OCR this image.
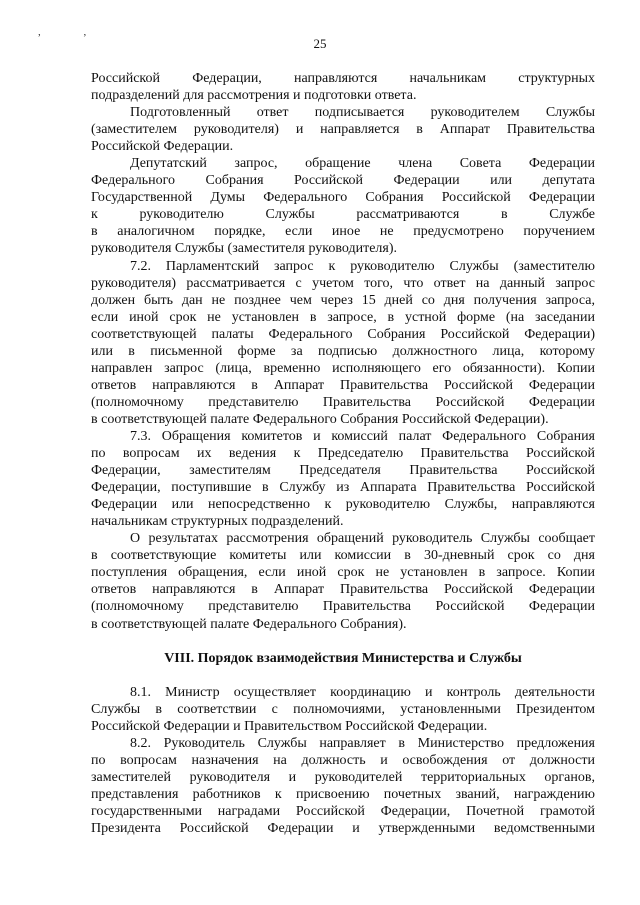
, ,
25
Российской Федерации, направляются начальникам структурных
подразделений для рассмотрения и подготовки ответа.
Подготовленный ответ подписывается руководителем Службы
(заместителем руководителя) и направляется в Аппарат Правительства
Российской Федерации.
Депутатский запрос, обращение члена Совета Федерации
Федерального Собрания Российской Федерации или депутата
Государственной Думы Федерального Собрания Российской Федерации
к руководителю Службы рассматриваются в Службе
в аналогичном порядке, если иное не предусмотрено поручением
руководителя Службы (заместителя руководителя).
7.2. Парламентский запрос к руководителю Службы (заместителю
руководителя) рассматривается с учетом того, что ответ на данный запрос
должен быть дан не позднее чем через 15 дней со дня получения запроса,
если иной срок не установлен в запросе, в устной форме (на заседании
соответствующей палаты Федерального Собрания Российской Федерации)
или в письменной форме за подписью должностного лица, которому
направлен запрос (лица, временно исполняющего его обязанности). Копии
ответов направляются в Аппарат Правительства Российской Федерации
(полномочному представителю Правительства Российской Федерации
в соответствующей палате Федерального Собрания Российской Федерации).
7.3. Обращения комитетов и комиссий палат Федерального Собрания
по вопросам их ведения к Председателю Правительства Российской
Федерации, заместителям Председателя Правительства Российской
Федерации, поступившие в Службу из Аппарата Правительства Российской
Федерации или непосредственно к руководителю Службы, направляются
начальникам структурных подразделений.
О результатах рассмотрения обращений руководитель Службы сообщает
в соответствующие комитеты или комиссии в 30-дневный срок со дня
поступления обращения, если иной срок не установлен в запросе. Копии
ответов направляются в Аппарат Правительства Российской Федерации
(полномочному представителю Правительства Российской Федерации
в соответствующей палате Федерального Собрания).
VIII. Порядок взаимодействия Министерства и Службы
8.1. Министр осуществляет координацию и контроль деятельности
Службы в соответствии с полномочиями, установленными Президентом
Российской Федерации и Правительством Российской Федерации.
8.2. Руководитель Службы направляет в Министерство предложения
по вопросам назначения на должность и освобождения от должности
заместителей руководителя и руководителей территориальных органов,
представления работников к присвоению почетных званий, награждению
государственными наградами Российской Федерации, Почетной грамотой
Президента Российской Федерации и утвержденными ведомственными
